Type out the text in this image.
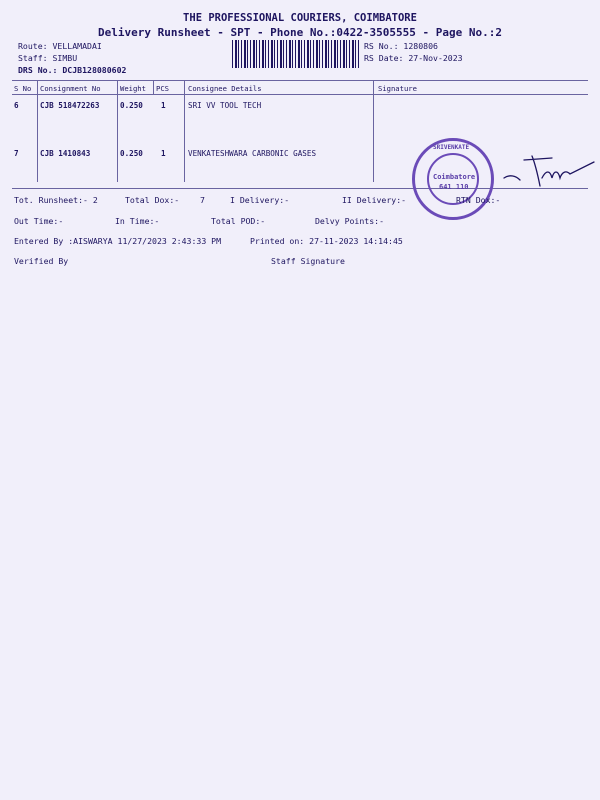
THE PROFESSIONAL COURIERS, COIMBATORE
Delivery Runsheet - SPT - Phone No.:0422-3505555 - Page No.:2
Route: VELLAMADAI
Staff: SIMBU
DRS No.: DCJB128080602
RS No.: 1280806
RS Date: 27-Nov-2023
S No Consignment No	Weight PCS	Consignee Details	Signature
6	CJB 518472263	0.250 1	SRI VV TOOL TECH
7	CJB 1410843	0.250 1	VENKATESHWARA CARBONIC GASES
SRIVENKATE
Coimbatore
641 110
Tot. Runsheet:- 2	Total Dox:-	7	I Delivery:-	II Delivery:-	RTN Dox:-
Out Time:-	In Time:-	Total POD:-	Delvy Points:-
Entered By :AISWARYA 11/27/2023 2:43:33 PM	Printed on: 27-11-2023 14:14:45
Verified By	Staff Signature
